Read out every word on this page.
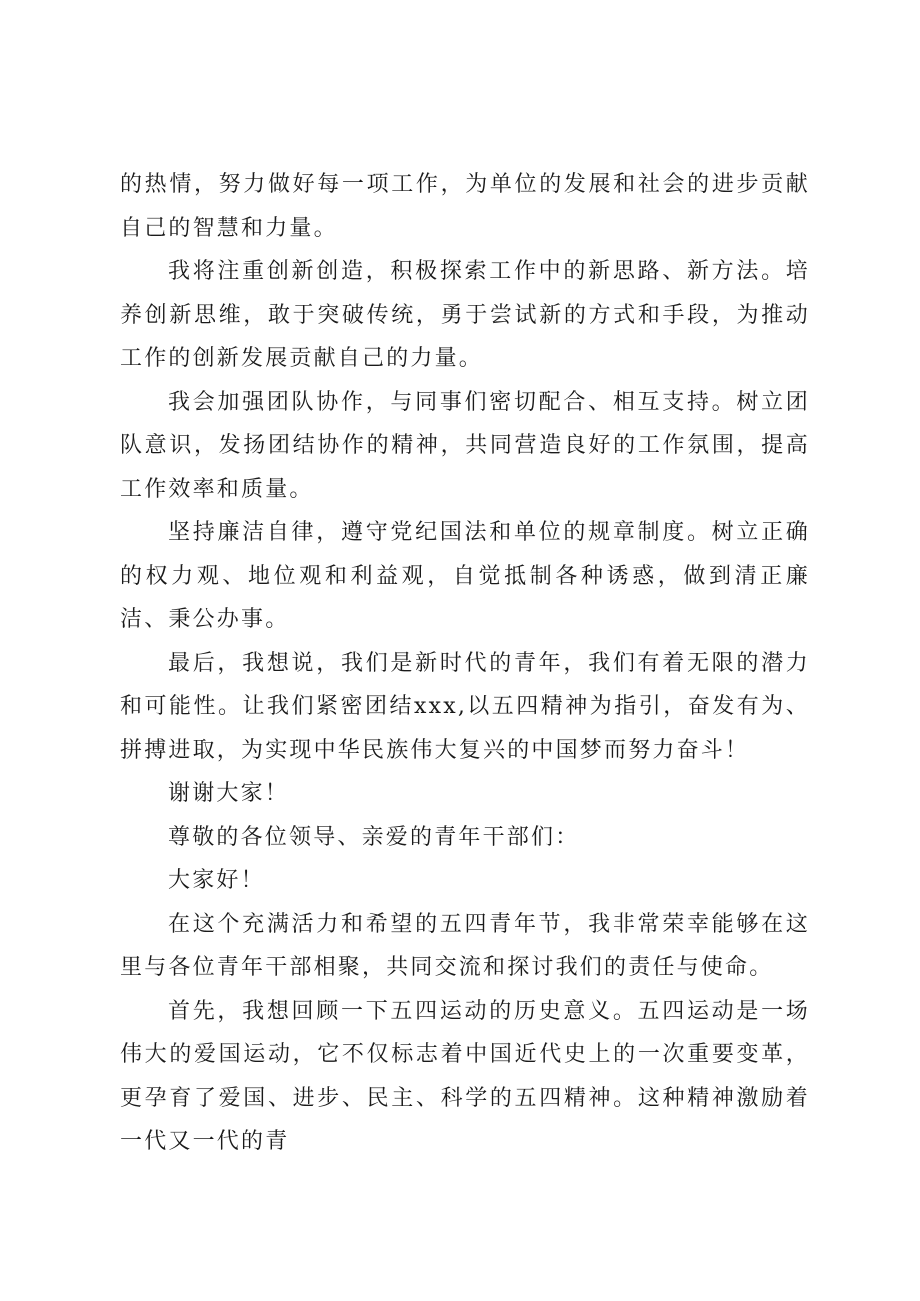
的热情，努力做好每一项工作，为单位的发展和社会的进步贡献自己的智慧和力量。

我将注重创新创造，积极探索工作中的新思路、新方法。培养创新思维，敢于突破传统，勇于尝试新的方式和手段，为推动工作的创新发展贡献自己的力量。

我会加强团队协作，与同事们密切配合、相互支持。树立团队意识，发扬团结协作的精神，共同营造良好的工作氛围，提高工作效率和质量。

坚持廉洁自律，遵守党纪国法和单位的规章制度。树立正确的权力观、地位观和利益观，自觉抵制各种诱惑，做到清正廉洁、秉公办事。

最后，我想说，我们是新时代的青年，我们有着无限的潜力和可能性。让我们紧密团结xxx,以五四精神为指引，奋发有为、拼搏进取，为实现中华民族伟大复兴的中国梦而努力奋斗！

谢谢大家！

尊敬的各位领导、亲爱的青年干部们：

大家好！

在这个充满活力和希望的五四青年节，我非常荣幸能够在这里与各位青年干部相聚，共同交流和探讨我们的责任与使命。

首先，我想回顾一下五四运动的历史意义。五四运动是一场伟大的爱国运动，它不仅标志着中国近代史上的一次重要变革，更孕育了爱国、进步、民主、科学的五四精神。这种精神激励着一代又一代的青
